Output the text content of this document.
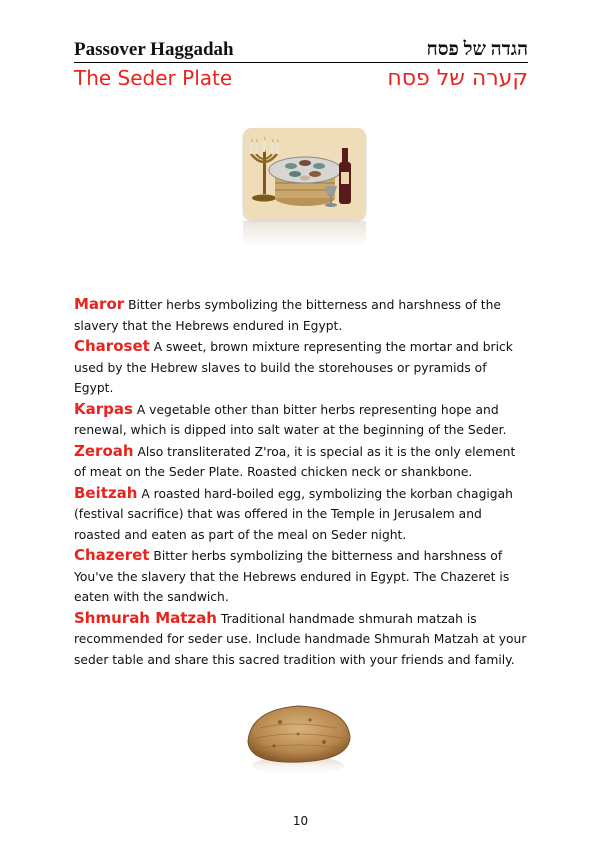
Passover Haggadah	הגדה של פסח
The Seder Plate	קערה של פסח

Maror Bitter herbs symbolizing the bitterness and harshness of the slavery that the Hebrews endured in Egypt.

Charoset A sweet, brown mixture representing the mortar and brick used by the Hebrew slaves to build the storehouses or pyramids of Egypt.

Karpas A vegetable other than bitter herbs representing hope and renewal, which is dipped into salt water at the beginning of the Seder.

Zeroah Also transliterated Z'roa, it is special as it is the only element of meat on the Seder Plate. Roasted chicken neck or shankbone.

Beitzah A roasted hard-boiled egg, symbolizing the korban chagigah (festival sacrifice) that was offered in the Temple in Jerusalem and roasted and eaten as part of the meal on Seder night.

Chazeret Bitter herbs symbolizing the bitterness and harshness of You've the slavery that the Hebrews endured in Egypt. The Chazeret is eaten with the sandwich.

Shmurah Matzah Traditional handmade shmurah matzah is recommended for seder use. Include handmade Shmurah Matzah at your seder table and share this sacred tradition with your friends and family.

10
